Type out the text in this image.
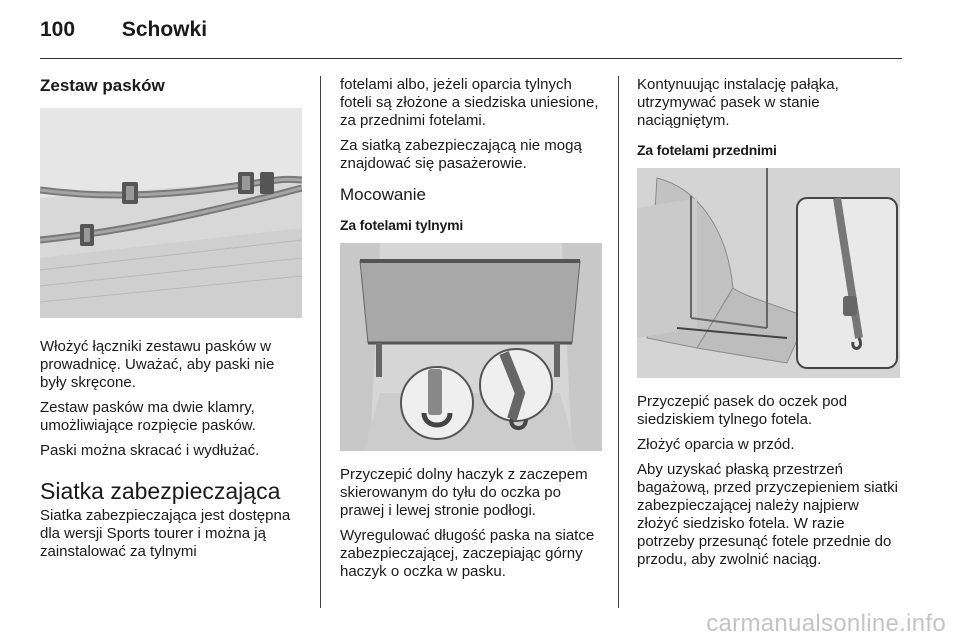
100 Schowki
Zestaw pasków

Włożyć łączniki zestawu pasków w prowadnicę. Uważać, aby paski nie były skręcone.

Zestaw pasków ma dwie klamry, umożliwiające rozpięcie pasków.

Paski można skracać i wydłużać.

Siatka zabezpieczająca

Siatka zabezpieczająca jest dostępna dla wersji Sports tourer i można ją zainstalować za tylnymi

fotelami albo, jeżeli oparcia tylnych foteli są złożone a siedziska uniesione, za przednimi fotelami.

Za siatką zabezpieczającą nie mogą znajdować się pasażerowie.

Mocowanie
Za fotelami tylnymi

Przyczepić dolny haczyk z zaczepem skierowanym do tyłu do oczka po prawej i lewej stronie podłogi.

Wyregulować długość paska na siatce zabezpieczającej, zaczepiając górny haczyk o oczka w pasku.

Kontynuując instalację pałąka, utrzymywać pasek w stanie naciągniętym.

Za fotelami przednimi

Przyczepić pasek do oczek pod siedziskiem tylnego fotela.

Złożyć oparcia w przód.

Aby uzyskać płaską przestrzeń bagażową, przed przyczepieniem siatki zabezpieczającej należy najpierw złożyć siedzisko fotela. W razie potrzeby przesunąć fotele przednie do przodu, aby zwolnić naciąg.

carmanualsonline.info
